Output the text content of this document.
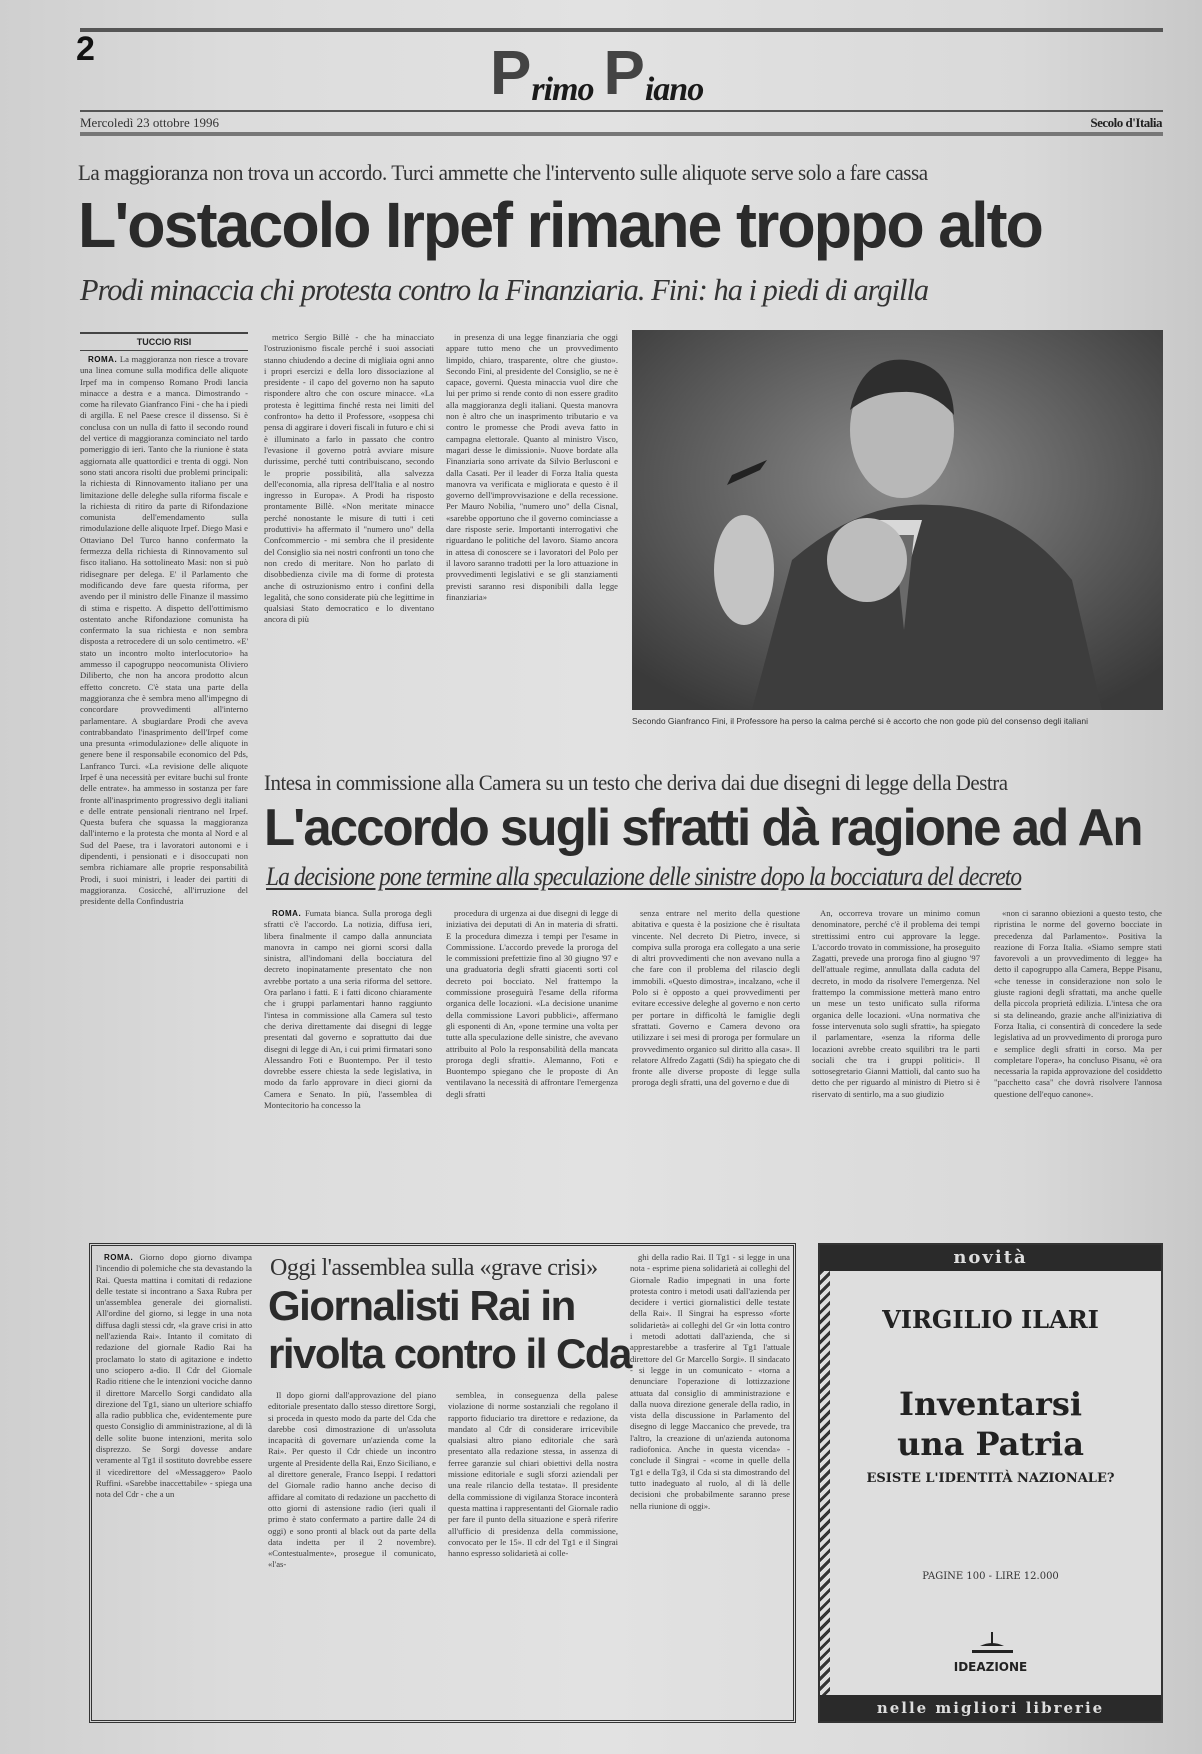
2	Primo Piano
Mercoledì 23 ottobre 1996	Secolo d'Italia
La maggioranza non trova un accordo. Turci ammette che l'intervento sulle aliquote serve solo a fare cassa
L'ostacolo Irpef rimane troppo alto
Prodi minaccia chi protesta contro la Finanziaria. Fini: ha i piedi di argilla
TUCCIO RISI
ROMA. La maggioranza non riesce a trovare una linea comune sulla modifica delle aliquote Irpef ma in compenso Romano Prodi lancia minacce a destra e a manca. Dimostrando - come ha rilevato Gianfranco Fini - che ha i piedi di argilla. E nel Paese cresce il dissenso. Si è conclusa con un nulla di fatto il secondo round del vertice di maggioranza cominciato nel tardo pomeriggio di ieri. Tanto che la riunione è stata aggiornata alle quattordici e trenta di oggi. Non sono stati ancora risolti due problemi principali: la richiesta di Rinnovamento italiano per una limitazione delle deleghe sulla riforma fiscale e la richiesta di ritiro da parte di Rifondazione comunista dell'emendamento sulla rimodulazione delle aliquote Irpef. Diego Masi e Ottaviano Del Turco hanno confermato la fermezza della richiesta di Rinnovamento sul fisco italiano. Ha sottolineato Masi: non si può ridisegnare per delega. E' il Parlamento che modificando deve fare questa riforma, per avendo per il ministro delle Finanze il massimo di stima e rispetto. A dispetto dell'ottimismo ostentato anche Rifondazione comunista ha confermato la sua richiesta e non sembra disposta a retrocedere di un solo centimetro. «E' stato un incontro molto interlocutorio» ha ammesso il capogruppo neocomunista Oliviero Diliberto, che non ha ancora prodotto alcun effetto concreto. C'è stata una parte della maggioranza che è sembra meno all'impegno di concordare provvedimenti all'interno parlamentare. A sbugiardare Prodi che aveva contrabbandato l'inasprimento dell'Irpef come una presunta «rimodulazione» delle aliquote in genere bene il responsabile economico del Pds, Lanfranco Turci. «La revisione delle aliquote Irpef è una necessità per evitare buchi sul fronte delle entrate». ha ammesso in sostanza per fare fronte all'inasprimento progressivo degli italiani e delle entrate pensionali rientrano nel Irpef. Questa bufera che squassa la maggioranza dall'interno e la protesta che monta al Nord e al Sud del Paese, tra i lavoratori autonomi e i dipendenti, i pensionati e i disoccupati non sembra richiamare alle proprie responsabilità Prodi, i suoi ministri, i leader dei partiti di maggioranza. Cosicché, all'irruzione del presidente della Confindustria
metrico Sergio Billè - che ha minacciato l'ostruzionismo fiscale perché i suoi associati stanno chiudendo a decine di migliaia ogni anno i propri esercizi e della loro dissociazione al presidente - il capo del governo non ha saputo rispondere altro che con oscure minacce. «La protesta è legittima finché resta nei limiti del confronto» ha detto il Professore, «soppesa chi pensa di aggirare i doveri fiscali in futuro e chi si è illuminato a farlo in passato che contro l'evasione il governo potrà avviare misure durissime, perché tutti contribuiscano, secondo le proprie possibilità, alla salvezza dell'economia, alla ripresa dell'Italia e al nostro ingresso in Europa». A Prodi ha risposto prontamente Billè. «Non meritate minacce perché nonostante le misure di tutti i ceti produttivi» ha affermato il "numero uno" della Confcommercio - mi sembra che il presidente del Consiglio sia nei nostri confronti un tono che non credo di meritare. Non ho parlato di disobbedienza civile ma di forme di protesta anche di ostruzionismo entro i confini della legalità, che sono considerate più che legittime in qualsiasi Stato democratico e lo diventano ancora di più
in presenza di una legge finanziaria che oggi appare tutto meno che un provvedimento limpido, chiaro, trasparente, oltre che giusto». Secondo Fini, al presidente del Consiglio, se ne è capace, governi. Questa minaccia vuol dire che lui per primo si rende conto di non essere gradito alla maggioranza degli italiani. Questa manovra non è altro che un inasprimento tributario e va contro le promesse che Prodi aveva fatto in campagna elettorale. Quanto al ministro Visco, magari desse le dimissioni». Nuove bordate alla Finanziaria sono arrivate da Silvio Berlusconi e dalla Casati. Per il leader di Forza Italia questa manovra va verificata e migliorata e questo è il governo dell'improvvisazione e della recessione. Per Mauro Nobilia, "numero uno" della Cisnal, «sarebbe opportuno che il governo cominciasse a dare risposte serie. Importanti interrogativi che riguardano le politiche del lavoro. Siamo ancora in attesa di conoscere se i lavoratori del Polo per il lavoro saranno tradotti per la loro attuazione in provvedimenti legislativi e se gli stanziamenti previsti saranno resi disponibili dalla legge finanziaria»
Secondo Gianfranco Fini, il Professore ha perso la calma perché si è accorto che non gode più del consenso degli italiani
Intesa in commissione alla Camera su un testo che deriva dai due disegni di legge della Destra
L'accordo sugli sfratti dà ragione ad An
La decisione pone termine alla speculazione delle sinistre dopo la bocciatura del decreto
ROMA. Fumata bianca. Sulla proroga degli sfratti c'è l'accordo. La notizia, diffusa ieri, libera finalmente il campo dalla annunciata manovra in campo nei giorni scorsi dalla sinistra, all'indomani della bocciatura del decreto inopinatamente presentato che non avrebbe portato a una seria riforma del settore. Ora parlano i fatti. E i fatti dicono chiaramente che i gruppi parlamentari hanno raggiunto l'intesa in commissione alla Camera sul testo che deriva direttamente dai disegni di legge presentati dal governo e soprattutto dai due disegni di legge di An, i cui primi firmatari sono Alessandro Foti e Buontempo. Per il testo dovrebbe essere chiesta la sede legislativa, in modo da farlo approvare in dieci giorni da Camera e Senato. In più, l'assemblea di Montecitorio ha concesso la
procedura di urgenza ai due disegni di legge di iniziativa dei deputati di An in materia di sfratti. E la procedura dimezza i tempi per l'esame in Commissione. L'accordo prevede la proroga del le commissioni prefettizie fino al 30 giugno '97 e una graduatoria degli sfratti giacenti sorti col decreto poi bocciato. Nel frattempo la commissione proseguirà l'esame della riforma organica delle locazioni. «La decisione unanime della commissione Lavori pubblici», affermano gli esponenti di An, «pone termine una volta per tutte alla speculazione delle sinistre, che avevano attribuito al Polo la responsabilità della mancata proroga degli sfratti». Alemanno, Foti e Buontempo spiegano che le proposte di An ventilavano la necessità di affrontare l'emergenza degli sfratti
senza entrare nel merito della questione abitativa e questa è la posizione che è risultata vincente. Nel decreto Di Pietro, invece, si compiva sulla proroga era collegato a una serie di altri provvedimenti che non avevano nulla a che fare con il problema del rilascio degli immobili. «Questo dimostra», incalzano, «che il Polo si è opposto a quei provvedimenti per evitare eccessive deleghe al governo e non certo per portare in difficoltà le famiglie degli sfrattati. Governo e Camera devono ora utilizzare i sei mesi di proroga per formulare un provvedimento organico sul diritto alla casa». Il relatore Alfredo Zagatti (Sdi) ha spiegato che di fronte alle diverse proposte di legge sulla proroga degli sfratti, una del governo e due di
An, occorreva trovare un minimo comun denominatore, perché c'è il problema dei tempi strettissimi entro cui approvare la legge. L'accordo trovato in commissione, ha proseguito Zagatti, prevede una proroga fino al giugno '97 dell'attuale regime, annullata dalla caduta del decreto, in modo da risolvere l'emergenza. Nel frattempo la commissione metterà mano entro un mese un testo unificato sulla riforma organica delle locazioni. «Una normativa che fosse intervenuta solo sugli sfratti», ha spiegato il parlamentare, «senza la riforma delle locazioni avrebbe creato squilibri tra le parti sociali che tra i gruppi politici». Il sottosegretario Gianni Mattioli, dal canto suo ha detto che per riguardo al ministro di Pietro si è riservato di sentirlo, ma a suo giudizio
«non ci saranno obiezioni a questo testo, che ripristina le norme del governo bocciate in precedenza dal Parlamento». Positiva la reazione di Forza Italia. «Siamo sempre stati favorevoli a un provvedimento di legge» ha detto il capogruppo alla Camera, Beppe Pisanu, «che tenesse in considerazione non solo le giuste ragioni degli sfrattati, ma anche quelle della piccola proprietà edilizia. L'intesa che ora si sta delineando, grazie anche all'iniziativa di Forza Italia, ci consentirà di concedere la sede legislativa ad un provvedimento di proroga puro e semplice degli sfratti in corso. Ma per completare l'opera», ha concluso Pisanu, «è ora necessaria la rapida approvazione del cosiddetto "pacchetto casa" che dovrà risolvere l'annosa questione dell'equo canone».
ROMA. Giorno dopo giorno divampa l'incendio di polemiche che sta devastando la Rai. Questa mattina i comitati di redazione delle testate si incontrano a Saxa Rubra per un'assemblea generale dei giornalisti. All'ordine del giorno, si legge in una nota diffusa dagli stessi cdr, «la grave crisi in atto nell'azienda Rai». Intanto il comitato di redazione del giornale Radio Rai ha proclamato lo stato di agitazione e indetto uno sciopero a-dio. Il Cdr del Giornale Radio ritiene che le intenzioni vociche danno il direttore Marcello Sorgi candidato alla direzione del Tg1, siano un ulteriore schiaffo alla radio pubblica che, evidentemente pure questo Consiglio di amministrazione, al di là delle solite buone intenzioni, merita solo disprezzo. Se Sorgi dovesse andare veramente al Tg1 il sostituto dovrebbe essere il vicedirettore del «Messaggero» Paolo Ruffini. «Sarebbe inaccettabile» - spiega una nota del Cdr - che a un
Oggi l'assemblea sulla «grave crisi»
Giornalisti Rai in
rivolta contro il Cda
Il dopo giorni dall'approvazione del piano editoriale presentato dallo stesso direttore Sorgi, si proceda in questo modo da parte del Cda che darebbe così dimostrazione di un'assoluta incapacità di governare un'azienda come la Rai». Per questo il Cdr chiede un incontro urgente al Presidente della Rai, Enzo Siciliano, e al direttore generale, Franco Iseppi. I redattori del Giornale radio hanno anche deciso di affidare al comitato di redazione un pacchetto di otto giorni di astensione radio (ieri quali il primo è stato confermato a partire dalle 24 di oggi) e sono pronti al black out da parte della data indetta per il 2 novembre). «Contestualmente», prosegue il comunicato, «l'as-
semblea, in conseguenza della palese violazione di norme sostanziali che regolano il rapporto fiduciario tra direttore e redazione, da mandato al Cdr di considerare irricevibile qualsiasi altro piano editoriale che sarà presentato alla redazione stessa, in assenza di ferree garanzie sul chiari obiettivi della nostra missione editoriale e sugli sforzi aziendali per una reale rilancio della testata». Il presidente della commissione di vigilanza Storace inconterà questa mattina i rappresentanti del Giornale radio per fare il punto della situazione e sperà riferire all'ufficio di presidenza della commissione, convocato per le 15». Il cdr del Tg1 e il Singrai hanno espresso solidarietà ai colle-
ghi della radio Rai. Il Tg1 - si legge in una nota - esprime piena solidarietà ai colleghi del Giornale Radio impegnati in una forte protesta contro i metodi usati dall'azienda per decidere i vertici giornalistici delle testate della Rai». Il Singrai ha espresso «forte solidarietà» ai colleghi del Gr «in lotta contro i metodi adottati dall'azienda, che si apprestarebbe a trasferire al Tg1 l'attuale direttore del Gr Marcello Sorgi». Il sindacato - si legge in un comunicato - «torna a denunciare l'operazione di lottizzazione attuata dal consiglio di amministrazione e dalla nuova direzione generale della radio, in vista della discussione in Parlamento del disegno di legge Maccanico che prevede, tra l'altro, la creazione di un'azienda autonoma radiofonica. Anche in questa vicenda» - conclude il Singrai - «come in quelle della Tg1 e della Tg3, il Cda si sta dimostrando del tutto inadeguato al ruolo, al di là delle decisioni che probabilmente saranno prese nella riunione di oggi».
novità
VIRGILIO ILARI
Inventarsi
una Patria
ESISTE L'IDENTITÀ NAZIONALE?
PAGINE 100 - LIRE 12.000
IDEAZIONE
nelle migliori librerie
